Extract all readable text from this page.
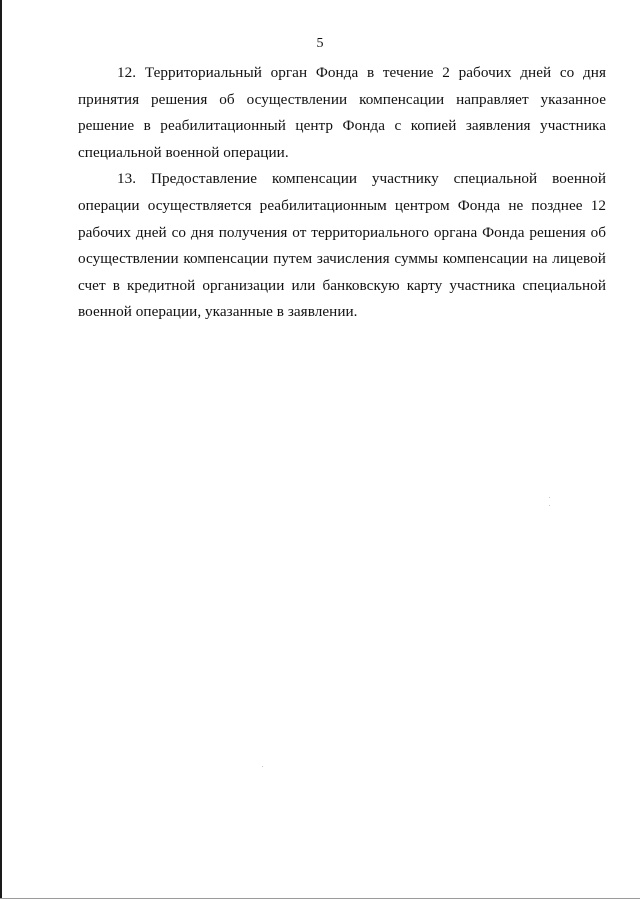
5

12. Территориальный орган Фонда в течение 2 рабочих дней со дня принятия решения об осуществлении компенсации направляет указанное решение в реабилитационный центр Фонда с копией заявления участника специальной военной операции.

13. Предоставление компенсации участнику специальной военной операции осуществляется реабилитационным центром Фонда не позднее 12 рабочих дней со дня получения от территориального органа Фонда решения об осуществлении компенсации путем зачисления суммы компенсации на лицевой счет в кредитной организации или банковскую карту участника специальной военной операции, указанные в заявлении.
